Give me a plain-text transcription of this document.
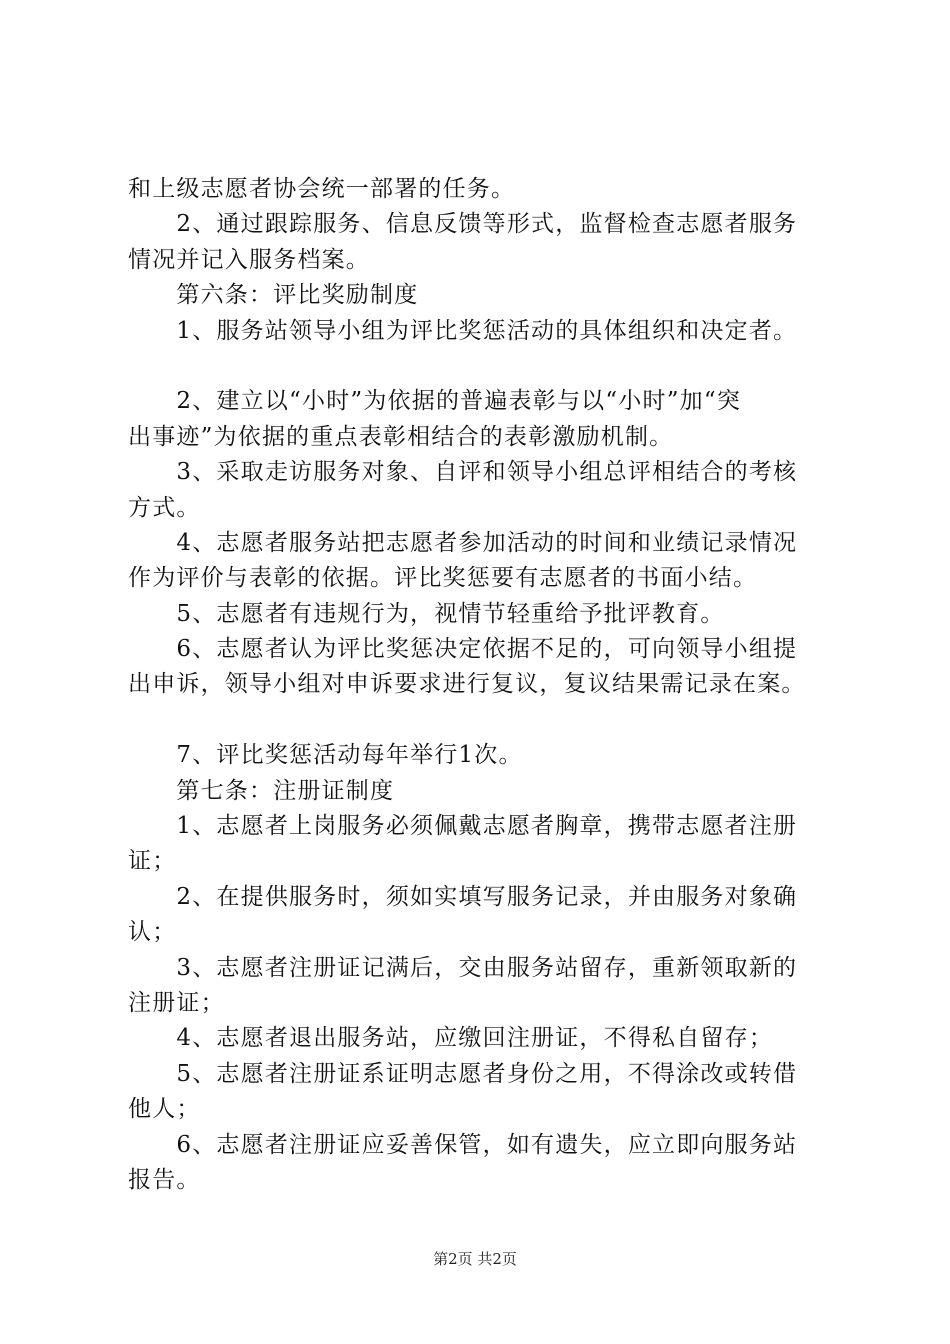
和上级志愿者协会统一部署的任务。
　　2、通过跟踪服务、信息反馈等形式，监督检查志愿者服务
情况并记入服务档案。
　　第六条：评比奖励制度
　　1、服务站领导小组为评比奖惩活动的具体组织和决定者。
　　2、建立以“小时”为依据的普遍表彰与以“小时”加“突
出事迹”为依据的重点表彰相结合的表彰激励机制。
　　3、采取走访服务对象、自评和领导小组总评相结合的考核
方式。
　　4、志愿者服务站把志愿者参加活动的时间和业绩记录情况
作为评价与表彰的依据。评比奖惩要有志愿者的书面小结。
　　5、志愿者有违规行为，视情节轻重给予批评教育。
　　6、志愿者认为评比奖惩决定依据不足的，可向领导小组提
出申诉，领导小组对申诉要求进行复议，复议结果需记录在案。
　　7、评比奖惩活动每年举行1次。
　　第七条：注册证制度
　　1、志愿者上岗服务必须佩戴志愿者胸章，携带志愿者注册
证；
　　2、在提供服务时，须如实填写服务记录，并由服务对象确
认；
　　3、志愿者注册证记满后，交由服务站留存，重新领取新的
注册证；
　　4、志愿者退出服务站，应缴回注册证，不得私自留存；
　　5、志愿者注册证系证明志愿者身份之用，不得涂改或转借
他人；
　　6、志愿者注册证应妥善保管，如有遗失，应立即向服务站
报告。
第2页 共2页
